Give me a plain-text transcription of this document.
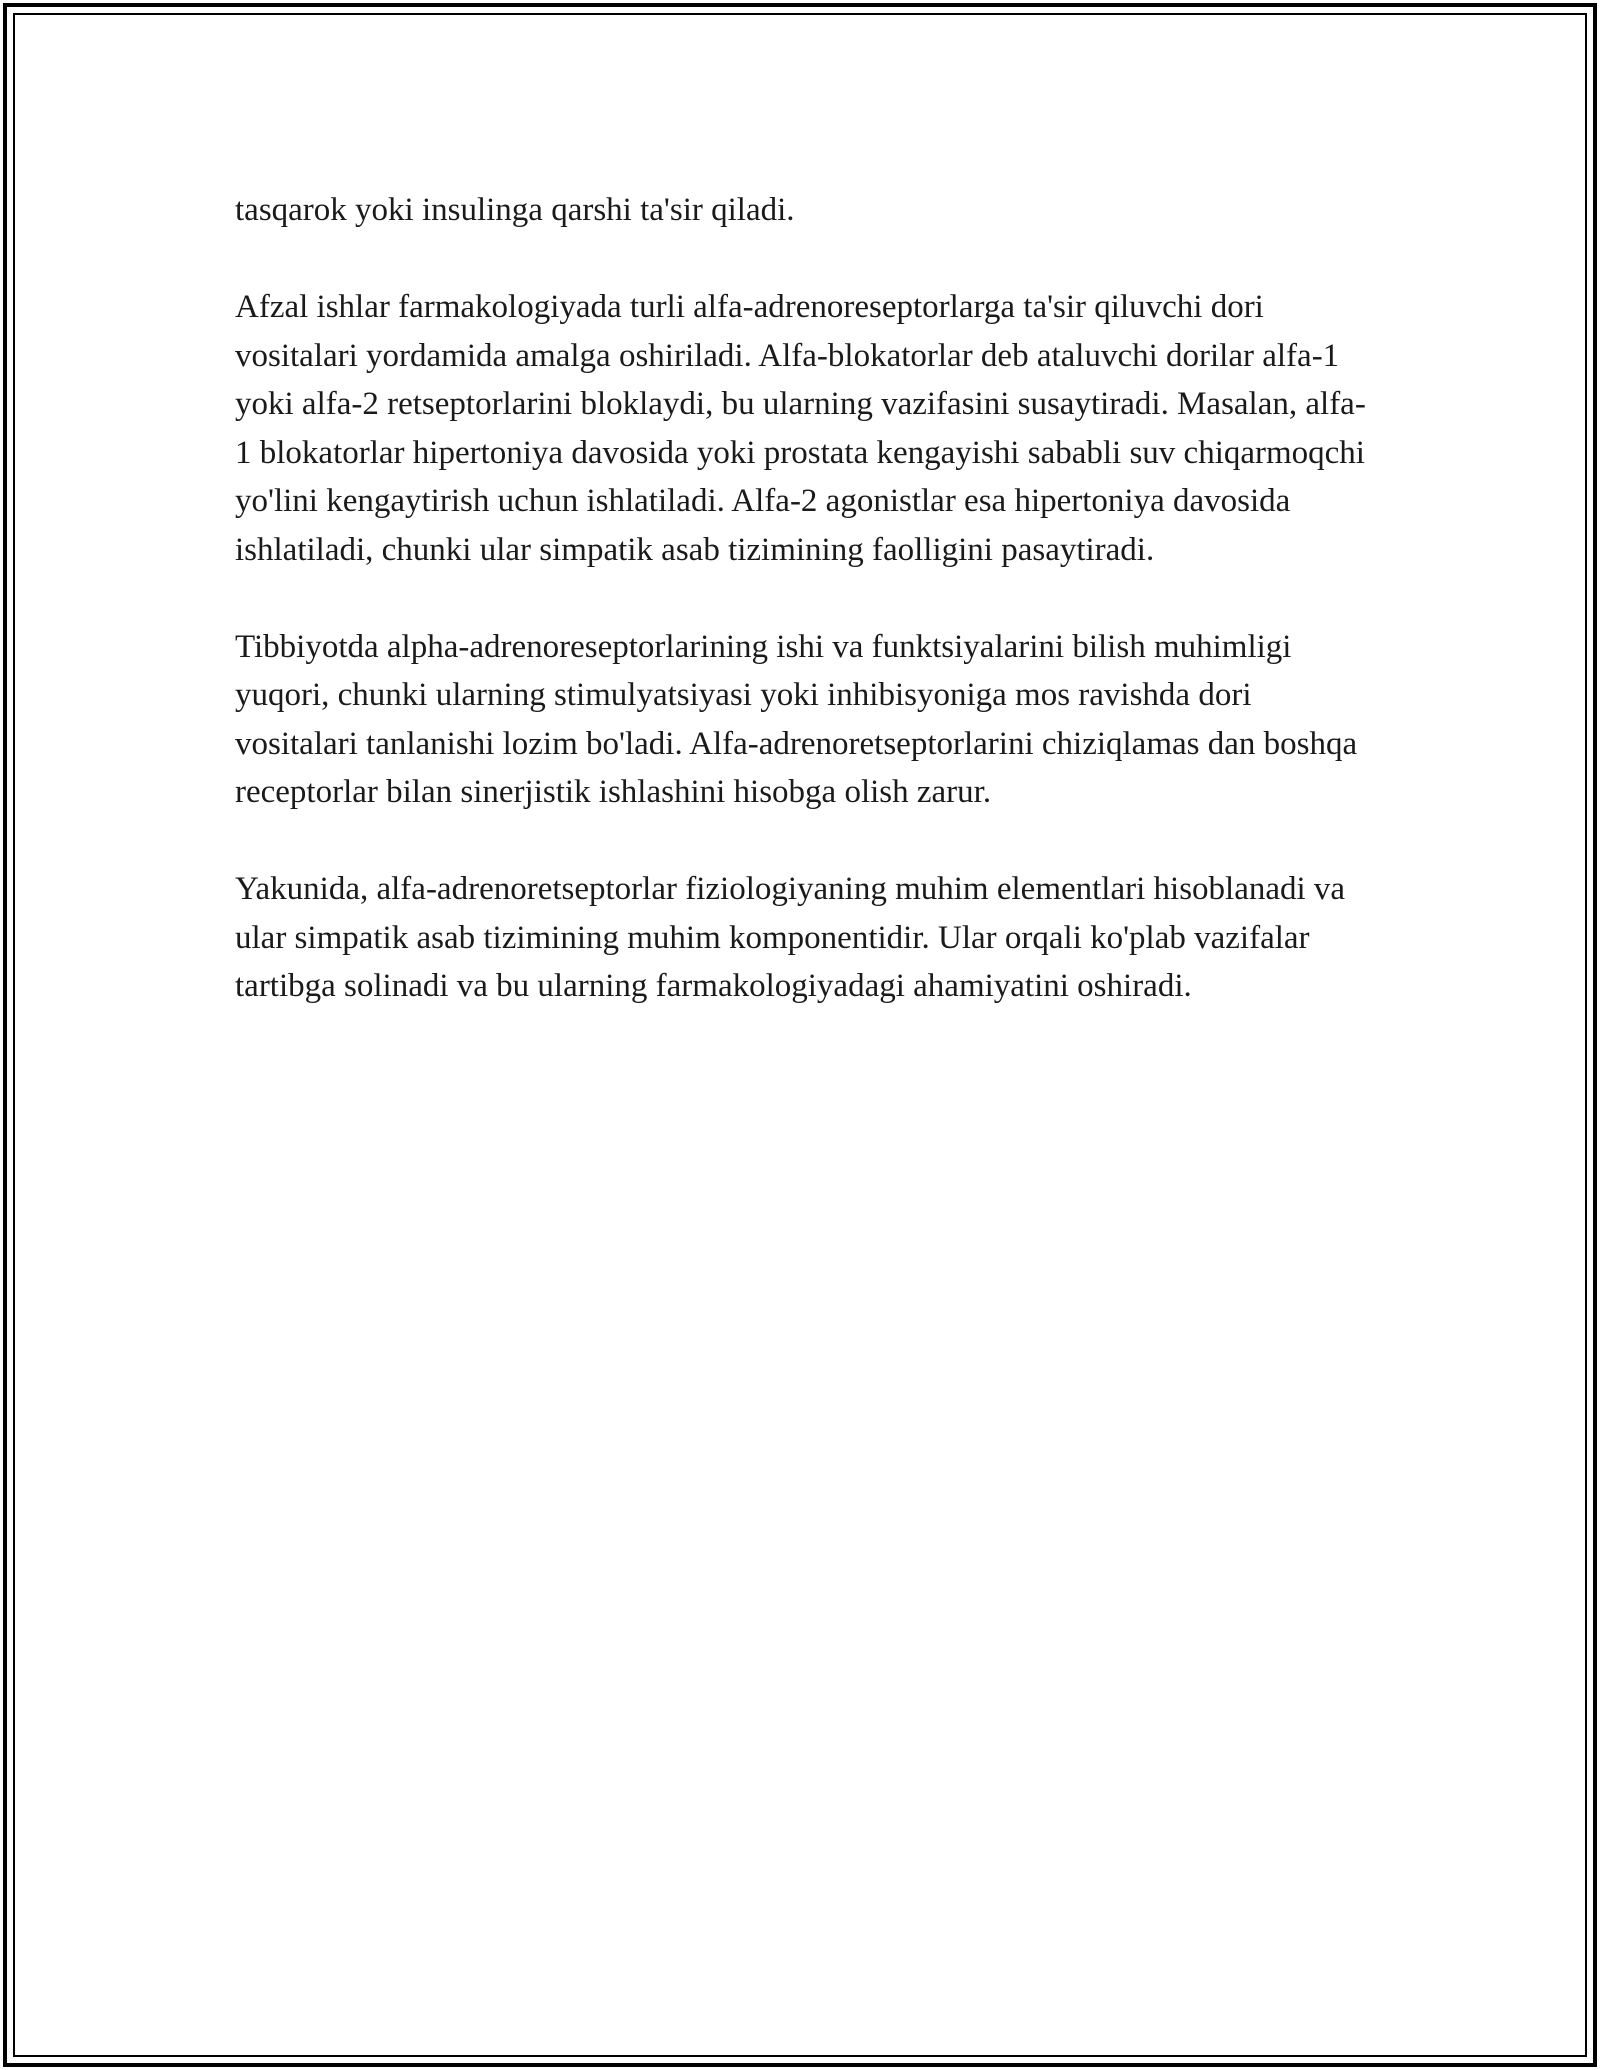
tasqarok yoki insulinga qarshi ta'sir qiladi.

Afzal ishlar farmakologiyada turli alfa-adrenoreseptorlarga ta'sir qiluvchi dori vositalari yordamida amalga oshiriladi. Alfa-blokatorlar deb ataluvchi dorilar alfa-1 yoki alfa-2 retseptorlarini bloklaydi, bu ularning vazifasini susaytiradi. Masalan, alfa-1 blokatorlar hipertoniya davosida yoki prostata kengayishi sababli suv chiqarmoqchi yo'lini kengaytirish uchun ishlatiladi. Alfa-2 agonistlar esa hipertoniya davosida ishlatiladi, chunki ular simpatik asab tizimining faolligini pasaytiradi.

Tibbiyotda alpha-adrenoreseptorlarining ishi va funktsiyalarini bilish muhimligi yuqori, chunki ularning stimulyatsiyasi yoki inhibisyoniga mos ravishda dori vositalari tanlanishi lozim bo'ladi. Alfa-adrenoretseptorlarini chiziqlamas dan boshqa receptorlar bilan sinerjistik ishlashini hisobga olish zarur.

Yakunida, alfa-adrenoretseptorlar fiziologiyaning muhim elementlari hisoblanadi va ular simpatik asab tizimining muhim komponentidir. Ular orqali ko'plab vazifalar tartibga solinadi va bu ularning farmakologiyadagi ahamiyatini oshiradi.
